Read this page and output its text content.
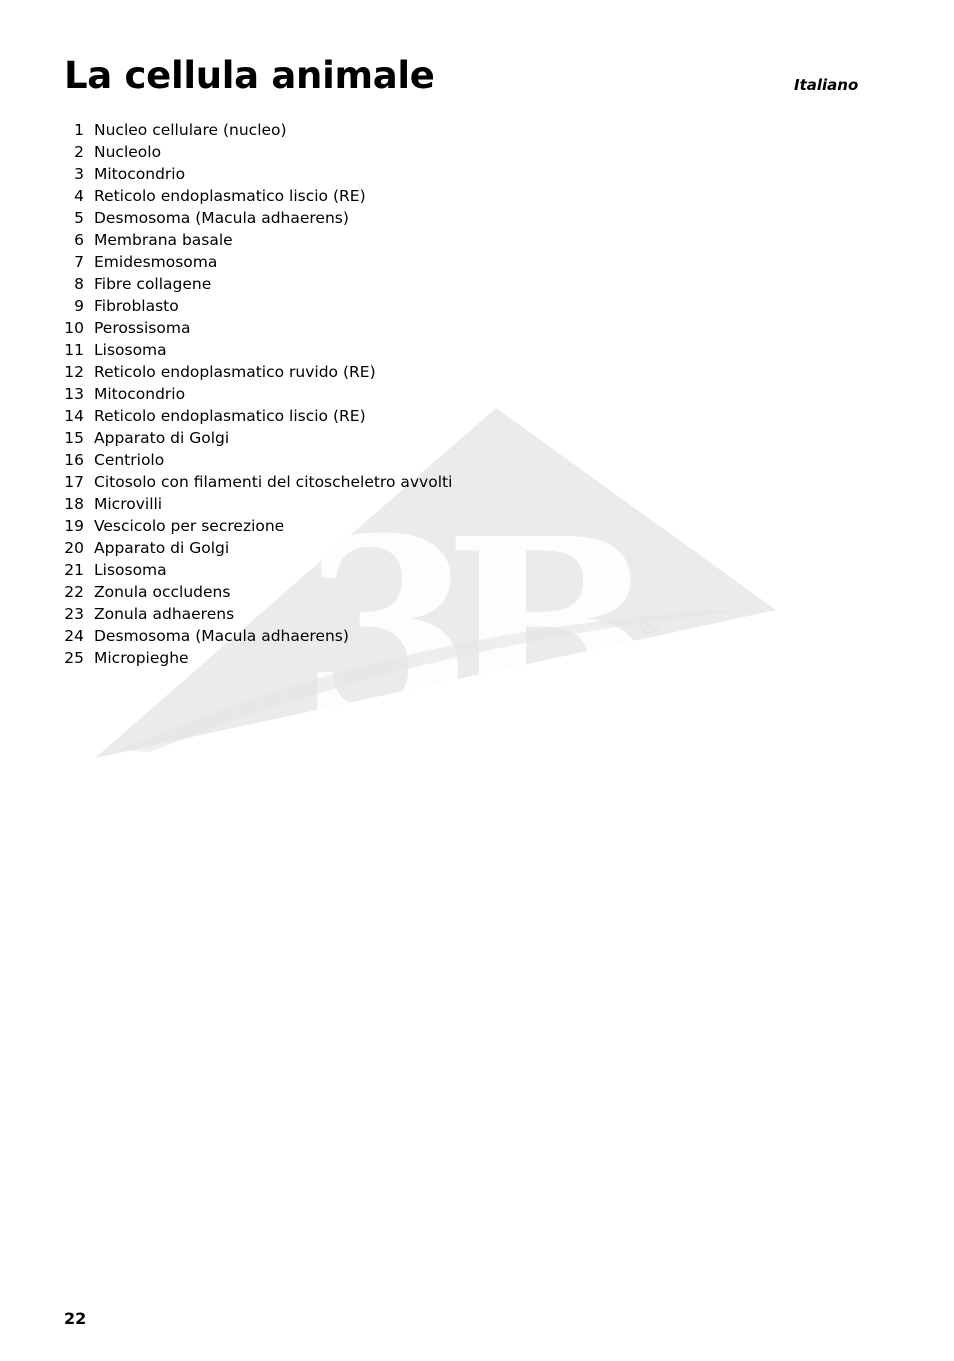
3B ®
La cellula animale	Italiano
1 Nucleo cellulare (nucleo)
2 Nucleolo
3 Mitocondrio
4 Reticolo endoplasmatico liscio (RE)
5 Desmosoma (Macula adhaerens)
6 Membrana basale
7 Emidesmosoma
8 Fibre collagene
9 Fibroblasto
10 Perossisoma
11 Lisosoma
12 Reticolo endoplasmatico ruvido (RE)
13 Mitocondrio
14 Reticolo endoplasmatico liscio (RE)
15 Apparato di Golgi
16 Centriolo
17 Citosolo con filamenti del citoscheletro avvolti
18 Microvilli
19 Vescicolo per secrezione
20 Apparato di Golgi
21 Lisosoma
22 Zonula occludens
23 Zonula adhaerens
24 Desmosoma (Macula adhaerens)
25 Micropieghe
22
